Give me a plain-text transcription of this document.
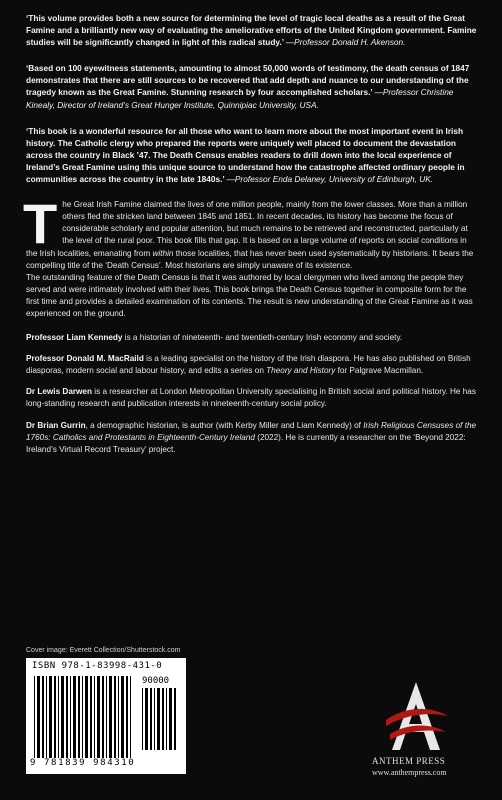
‘This volume provides both a new source for determining the level of tragic local deaths as a result of the Great Famine and a brilliantly new way of evaluating the ameliorative efforts of the United Kingdom government. Famine studies will be significantly changed in light of this radical study.’ —Professor Donald H. Akenson.

‘Based on 100 eyewitness statements, amounting to almost 50,000 words of testimony, the death census of 1847 demonstrates that there are still sources to be recovered that add depth and nuance to our understanding of the tragedy known as the Great Famine. Stunning research by four accomplished scholars.’ —Professor Christine Kinealy, Director of Ireland’s Great Hunger Institute, Quinnipiac University, USA.

‘This book is a wonderful resource for all those who want to learn more about the most important event in Irish history. The Catholic clergy who prepared the reports were uniquely well placed to document the devastation across the country in Black ’47. The Death Census enables readers to drill down into the local experience of Ireland’s Great Famine using this unique source to understand how the catastrophe affected ordinary people in communities across the country in the late 1840s.’ —Professor Enda Delaney, University of Edinburgh, UK.

The Great Irish Famine claimed the lives of one million people, mainly from the lower classes. More than a million others fled the stricken land between 1845 and 1851. In recent decades, its history has become the focus of considerable scholarly and popular attention, but much remains to be retrieved and reconstructed, particularly at the level of the rural poor. This book fills that gap. It is based on a large volume of reports on social conditions in the Irish localities, emanating from within those localities, that has never been used systematically by historians. It bears the compelling title of the ‘Death Census’. Most historians are simply unaware of its existence.

The outstanding feature of the Death Census is that it was authored by local clergymen who lived among the people they served and were intimately involved with their lives. This book brings the Death Census together in composite form for the first time and provides a detailed examination of its contents. The result is new understanding of the Great Famine as it was experienced on the ground.

Professor Liam Kennedy is a historian of nineteenth- and twentieth-century Irish economy and society.

Professor Donald M. MacRaild is a leading specialist on the history of the Irish diaspora. He has also published on British diasporas, modern social and labour history, and edits a series on Theory and History for Palgrave Macmillan.

Dr Lewis Darwen is a researcher at London Metropolitan University specialising in British social and political history. He has long-standing research and publication interests in nineteenth-century social policy.

Dr Brian Gurrin, a demographic historian, is author (with Kerby Miller and Liam Kennedy) of Irish Religious Censuses of the 1760s: Catholics and Protestants in Eighteenth-Century Ireland (2022). He is currently a researcher on the ‘Beyond 2022: Ireland’s Virtual Record Treasury’ project.

Cover image: Everett Collection/Shutterstock.com
ISBN 978-1-83998-431-0
90000
9 781839 984310	ANTHEM PRESS
www.anthempress.com
